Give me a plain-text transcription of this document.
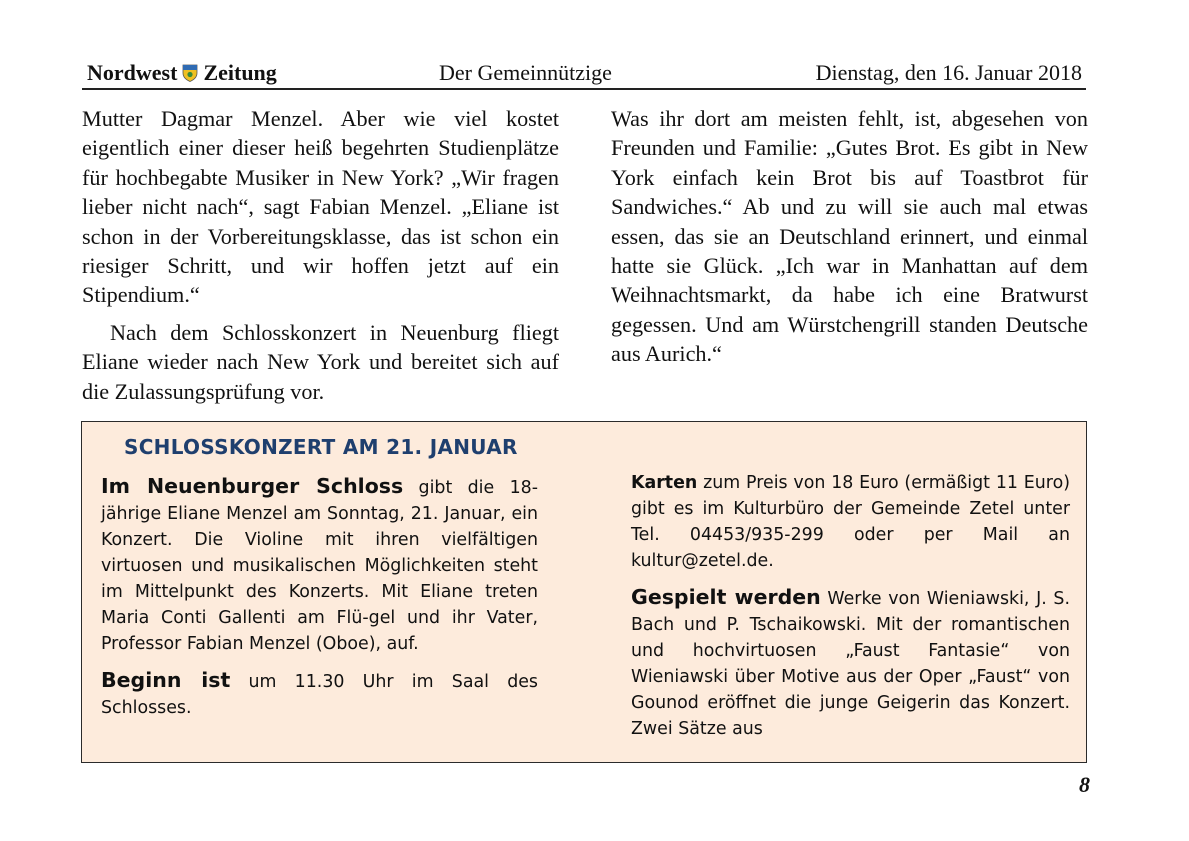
Nordwest Zeitung	Der Gemeinnützige	Dienstag, den 16. Januar 2018

Mutter Dagmar Menzel. Aber wie viel kostet eigentlich einer dieser heiß begehrten Studienplätze für hochbegabte Musiker in New York? „Wir fragen lieber nicht nach“, sagt Fabian Menzel. „Eliane ist schon in der Vorbereitungsklasse, das ist schon ein riesiger Schritt, und wir hoffen jetzt auf ein Stipendium.“

Nach dem Schlosskonzert in Neuenburg fliegt Eliane wieder nach New York und bereitet sich auf die Zulassungsprüfung vor.

Was ihr dort am meisten fehlt, ist, abgesehen von Freunden und Familie: „Gutes Brot. Es gibt in New York einfach kein Brot bis auf Toastbrot für Sandwiches.“ Ab und zu will sie auch mal etwas essen, das sie an Deutschland erinnert, und einmal hatte sie Glück. „Ich war in Manhattan auf dem Weihnachtsmarkt, da habe ich eine Bratwurst gegessen. Und am Würstchengrill standen Deutsche aus Aurich.“

SCHLOSSKONZERT AM 21. JANUAR

Im Neuenburger Schloss gibt die 18-jährige Eliane Menzel am Sonntag, 21. Januar, ein Konzert. Die Violine mit ihren vielfältigen virtuosen und musikalischen Möglichkeiten steht im Mittelpunkt des Konzerts. Mit Eliane treten Maria Conti Gallenti am Flü-gel und ihr Vater, Professor Fabian Menzel (Oboe), auf.

Beginn ist um 11.30 Uhr im Saal des Schlosses.

Karten zum Preis von 18 Euro (ermäßigt 11 Euro) gibt es im Kulturbüro der Gemeinde Zetel unter Tel. 04453/935-299 oder per Mail an kultur@zetel.de.

Gespielt werden Werke von Wieniawski, J. S. Bach und P. Tschaikowski. Mit der romantischen und hochvirtuosen „Faust Fantasie“ von Wieniawski über Motive aus der Oper „Faust“ von Gounod eröffnet die junge Geigerin das Konzert. Zwei Sätze aus

8
